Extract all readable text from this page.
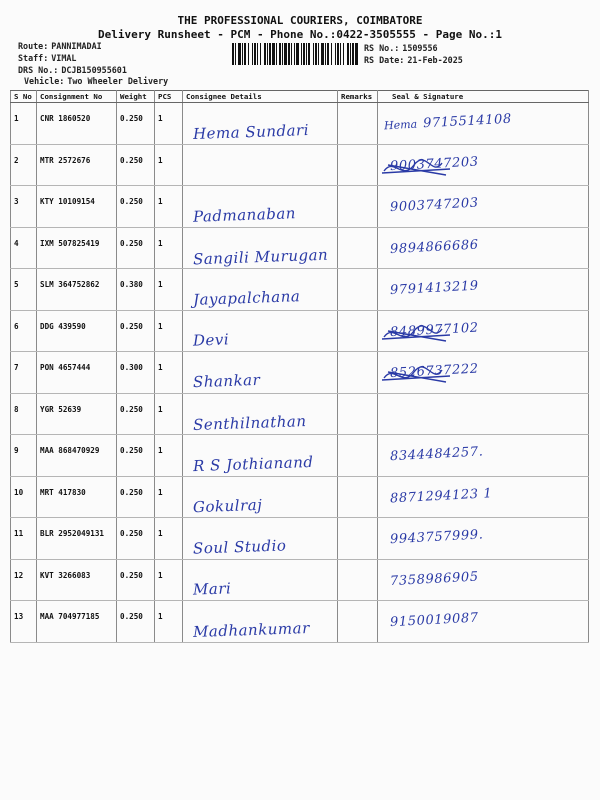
THE PROFESSIONAL COURIERS, COIMBATORE
Delivery Runsheet - PCM - Phone No.:0422-3505555 - Page No.:1
Route: PANNIMADAI
Staff: VIMAL
DRS No.: DCJB150955601
Vehicle: Two Wheeler Delivery
RS No.: 1509556
RS Date: 21-Feb-2025
S No	Consignment No	Weight	PCS	Consignee Details	Remarks	Seal & Signature
1	CNR 1860520	0.250	1	Hema Sundari		Hema 9715514108

2	MTR 2572676	0.250	1			9003747203

3	KTY 10109154	0.250	1	Padmanaban		9003747203

4	IXM 507825419	0.250	1	Sangili Murugan		9894866686

5	SLM 364752862	0.380	1	Jayapalchana		9791413219

6	DDG 439590	0.250	1	Devi		8489977102

7	PON 4657444	0.300	1	Shankar		8526737222

8	YGR 52639	0.250	1	Senthilnathan		

9	MAA 868470929	0.250	1	R S Jothianand		8344484257.

10	MRT 417830	0.250	1	Gokulraj		8871294123 1

11	BLR 2952049131	0.250	1	Soul Studio		9943757999.

12	KVT 3266083	0.250	1	Mari		7358986905

13	MAA 704977185	0.250	1	Madhankumar		9150019087
